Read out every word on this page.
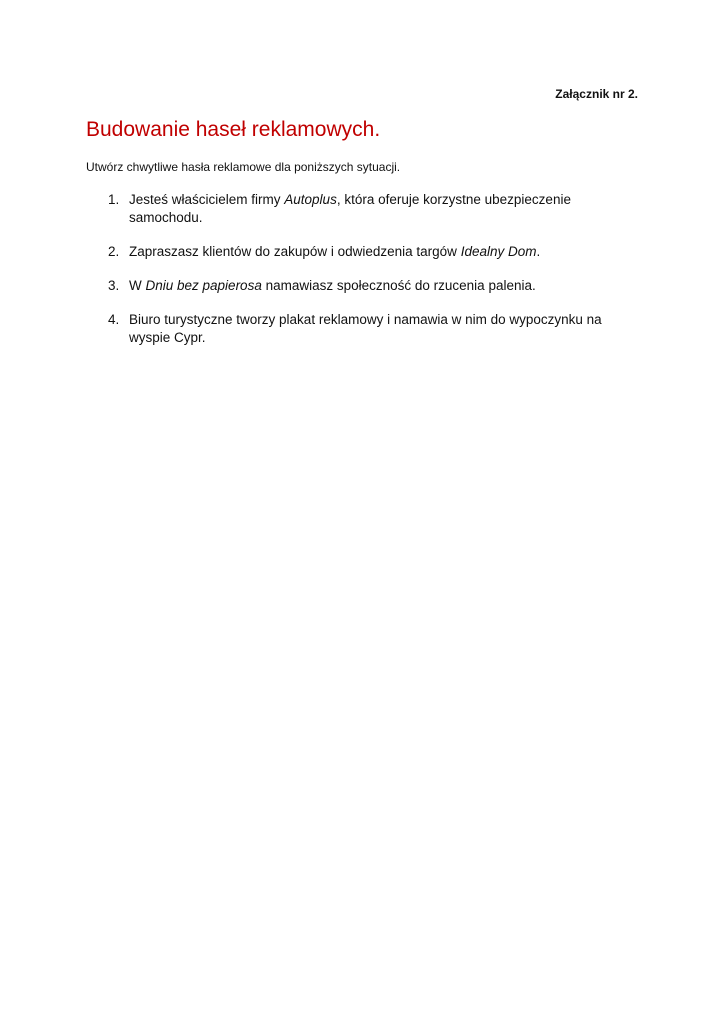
Załącznik nr 2.
Budowanie haseł reklamowych.

Utwórz chwytliwe hasła reklamowe dla poniższych sytuacji.

1. Jesteś właścicielem firmy Autoplus, która oferuje korzystne ubezpieczenie samochodu.
2. Zapraszasz klientów do zakupów i odwiedzenia targów Idealny Dom.
3. W Dniu bez papierosa namawiasz społeczność do rzucenia palenia.
4. Biuro turystyczne tworzy plakat reklamowy i namawia w nim do wypoczynku na wyspie Cypr.
